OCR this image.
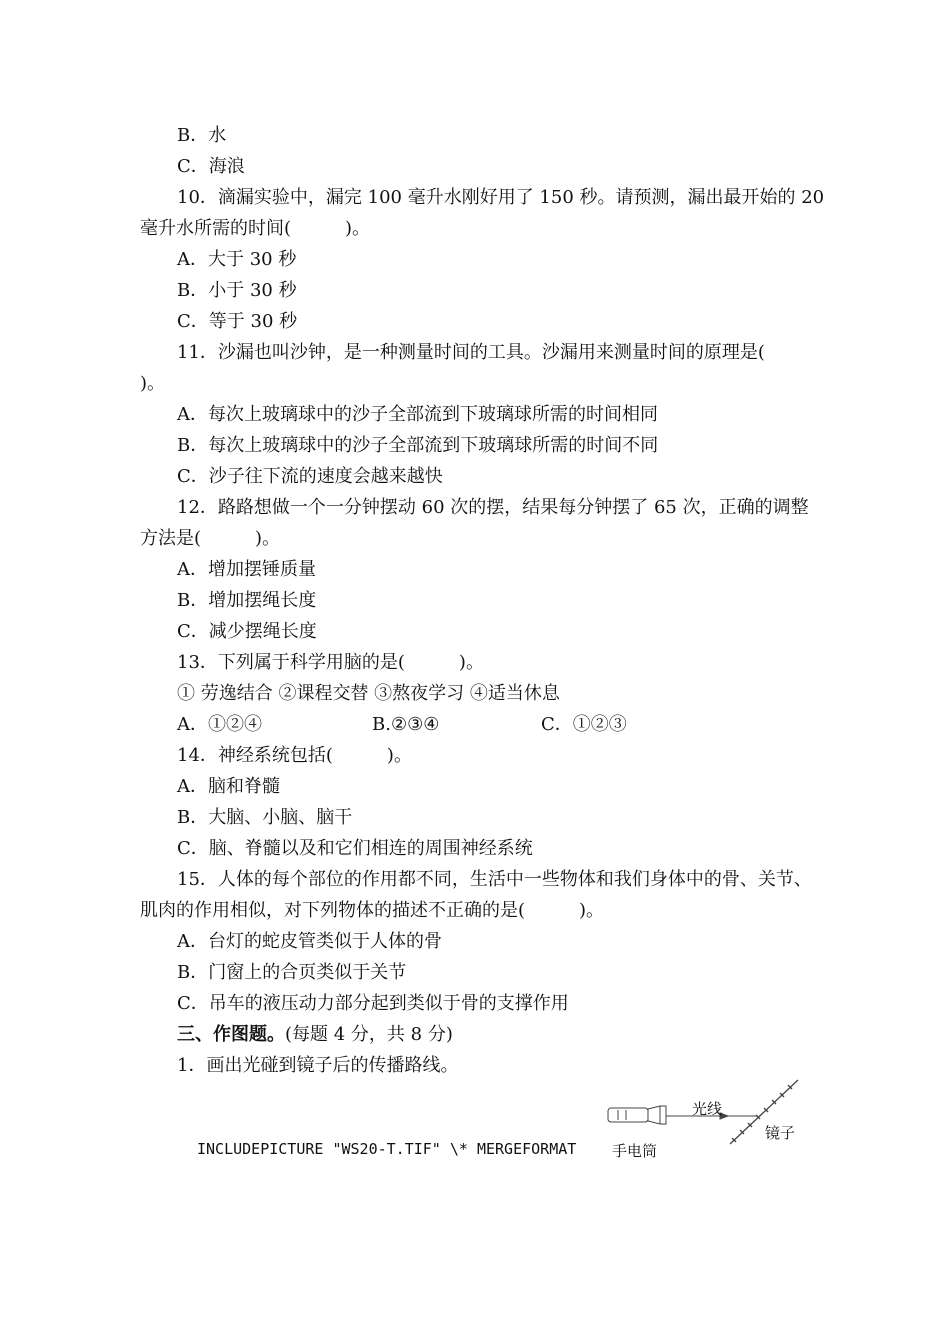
B．水
C．海浪
10．滴漏实验中，漏完 100 毫升水刚好用了 150 秒。请预测，漏出最开始的 20
毫升水所需的时间(　　　)。
A．大于 30 秒
B．小于 30 秒
C．等于 30 秒
11．沙漏也叫沙钟，是一种测量时间的工具。沙漏用来测量时间的原理是(
)。
A．每次上玻璃球中的沙子全部流到下玻璃球所需的时间相同
B．每次上玻璃球中的沙子全部流到下玻璃球所需的时间不同
C．沙子往下流的速度会越来越快
12．路路想做一个一分钟摆动 60 次的摆，结果每分钟摆了 65 次，正确的调整
方法是(　　　)。
A．增加摆锤质量
B．增加摆绳长度
C．减少摆绳长度
13．下列属于科学用脑的是(　　　)。
① 劳逸结合 ②课程交替 ③熬夜学习 ④适当休息
A．①②④	B.②③④	C．①②③
14．神经系统包括(　　　)。
A．脑和脊髓
B．大脑、小脑、脑干
C．脑、脊髓以及和它们相连的周围神经系统
15．人体的每个部位的作用都不同，生活中一些物体和我们身体中的骨、关节、
肌肉的作用相似，对下列物体的描述不正确的是(　　　)。
A．台灯的蛇皮管类似于人体的骨
B．门窗上的合页类似于关节
C．吊车的液压动力部分起到类似于骨的支撑作用
三、作图题。(每题 4 分，共 8 分)
1．画出光碰到镜子后的传播路线。
INCLUDEPICTURE "WS20-T.TIF" \* MERGEFORMAT
光线
镜子
手电筒
